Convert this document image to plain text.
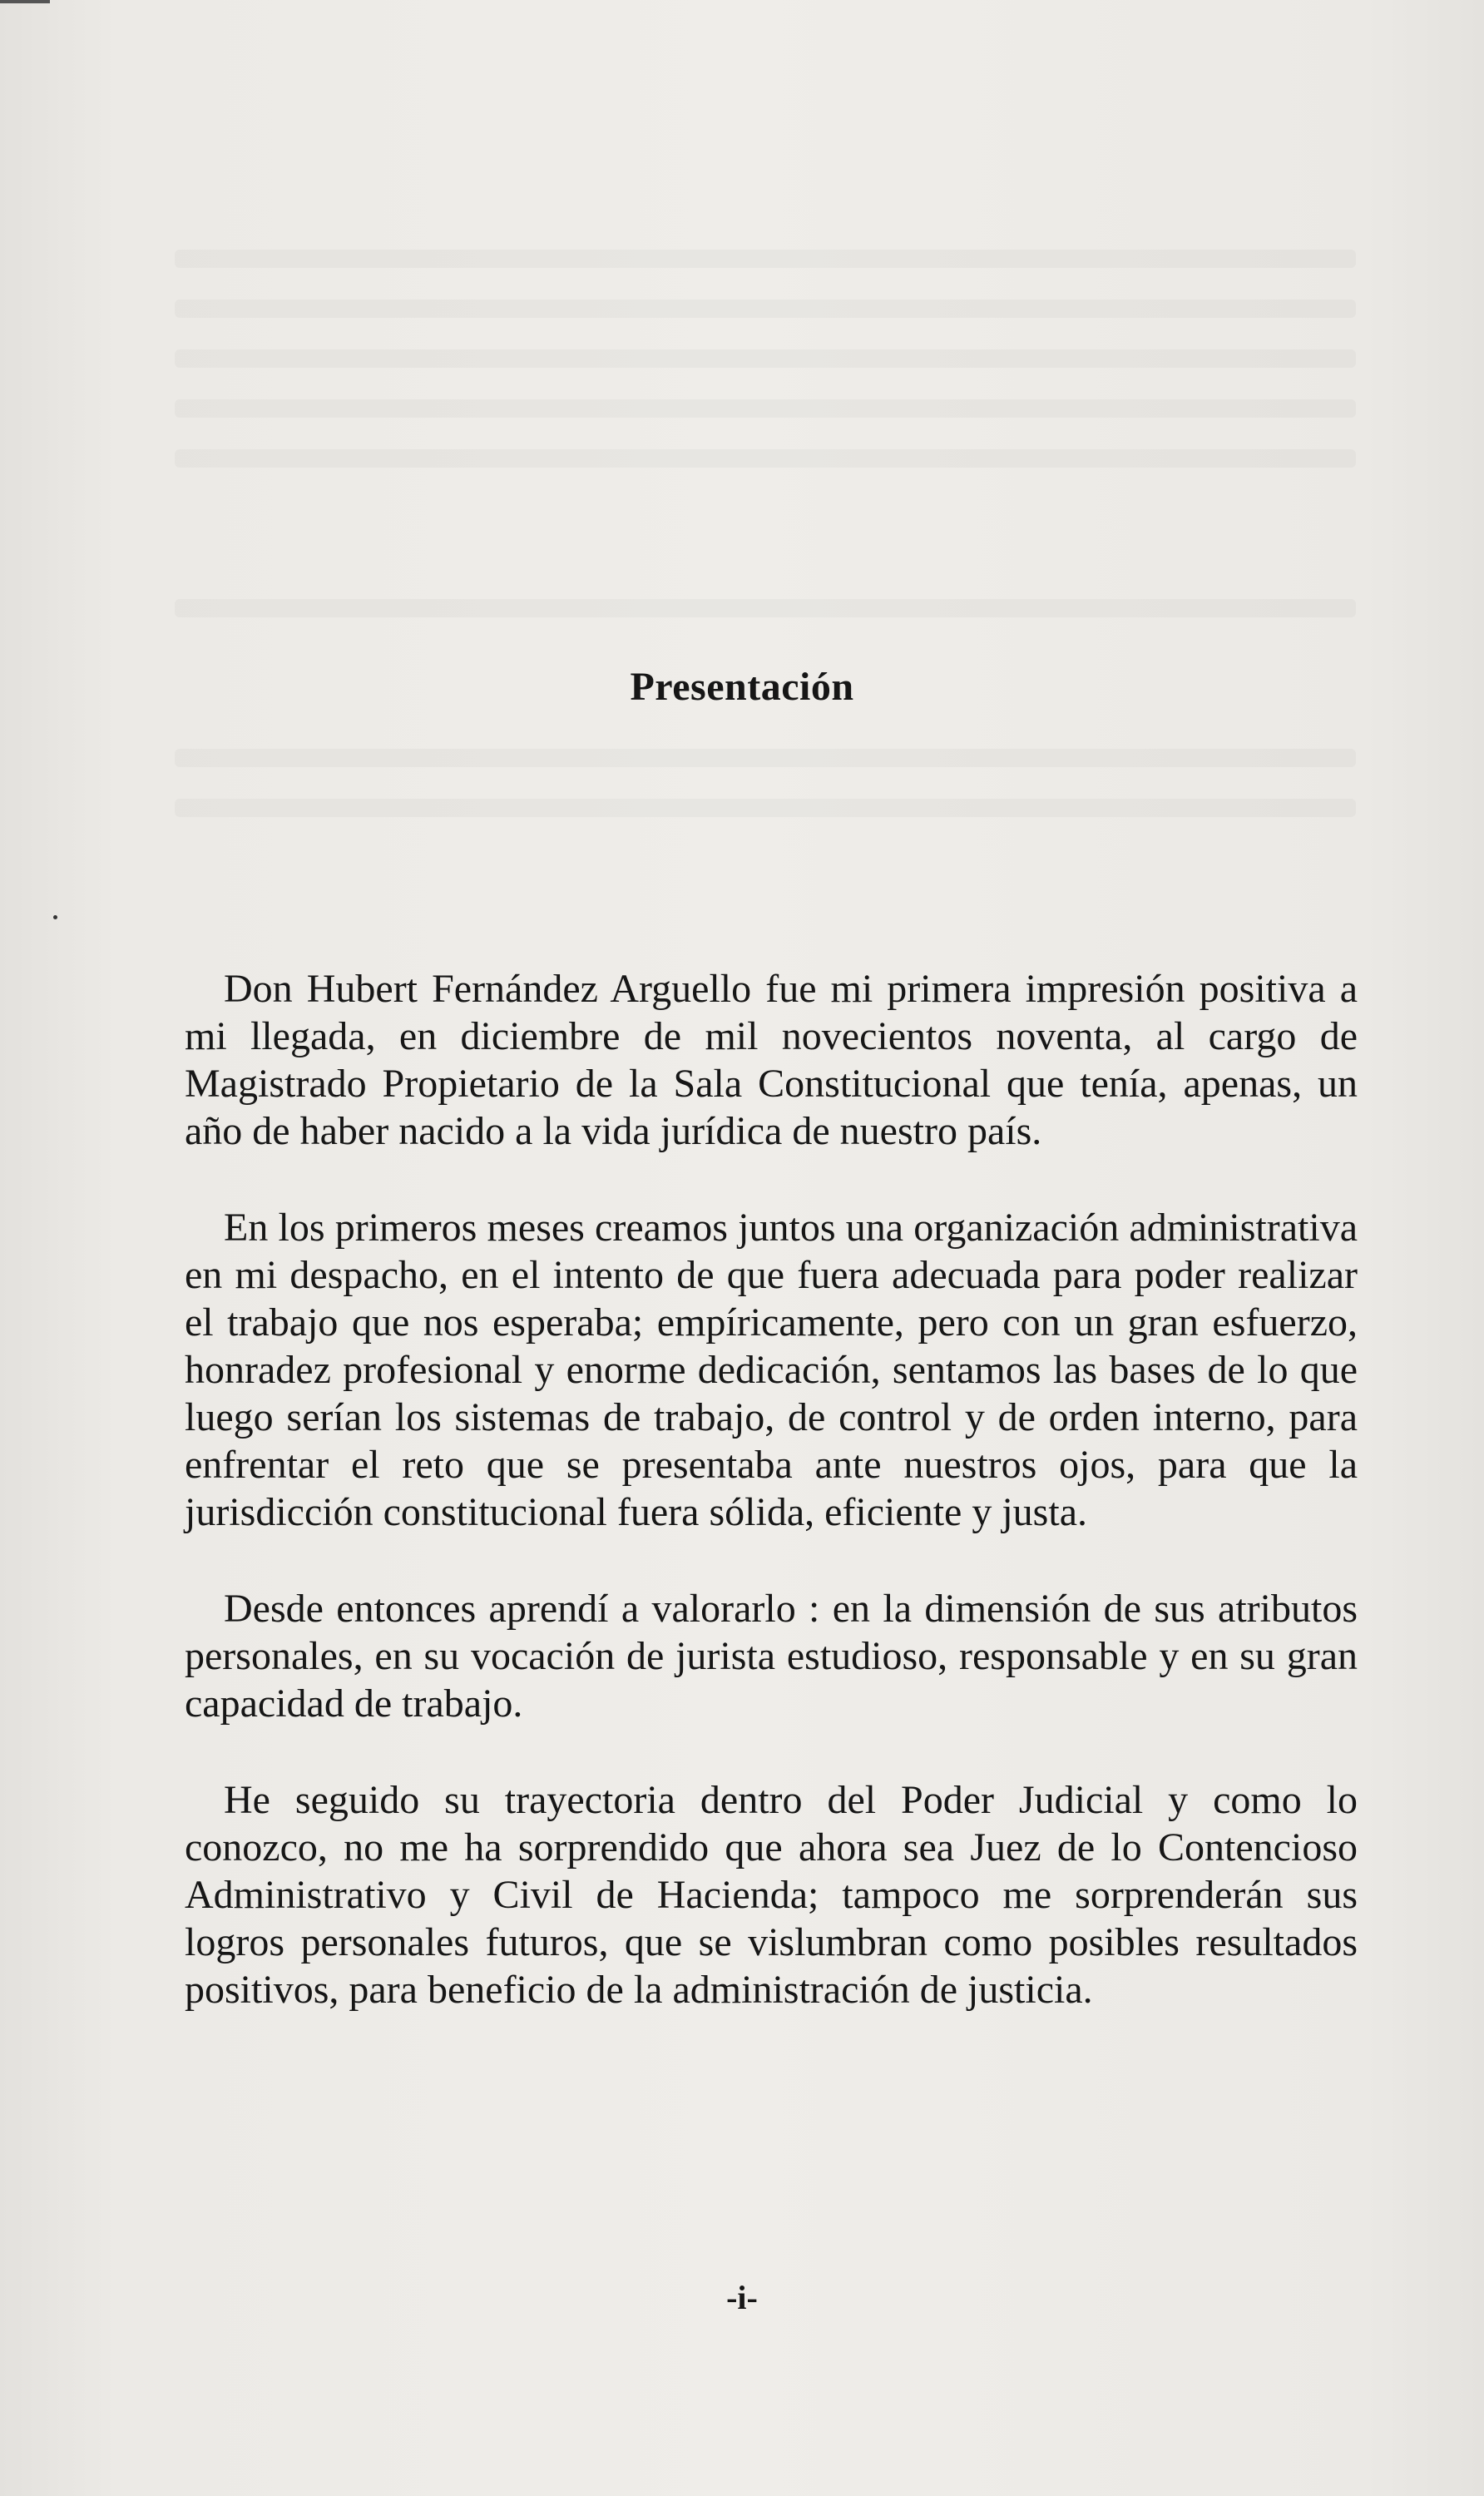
Presentación

Don Hubert Fernández Arguello fue mi primera impresión positiva a mi llegada, en diciembre de mil novecientos noventa, al cargo de Magistrado Propietario de la Sala Constitucional que tenía, apenas, un año de haber nacido a la vida jurídica de nuestro país.

En los primeros meses creamos juntos una organización administrativa en mi despacho, en el intento de que fuera adecuada para poder realizar el trabajo que nos esperaba; empíricamente, pero con un gran esfuerzo, honradez profesional y enorme dedicación, sentamos las bases de lo que luego serían los sistemas de trabajo, de control y de orden interno, para enfrentar el reto que se presentaba ante nuestros ojos, para que la jurisdicción constitucional fuera sólida, eficiente y justa.

Desde entonces aprendí a valorarlo : en la dimensión de sus atributos personales, en su vocación de jurista estudioso, responsable y en su gran capacidad de trabajo.

He seguido su trayectoria dentro del Poder Judicial y como lo conozco, no me ha sorprendido que ahora sea Juez de lo Contencioso Administrativo y Civil de Hacienda; tampoco me sorprenderán sus logros personales futuros, que se vislumbran como posibles resultados positivos, para beneficio de la administración de justicia.

-i-
